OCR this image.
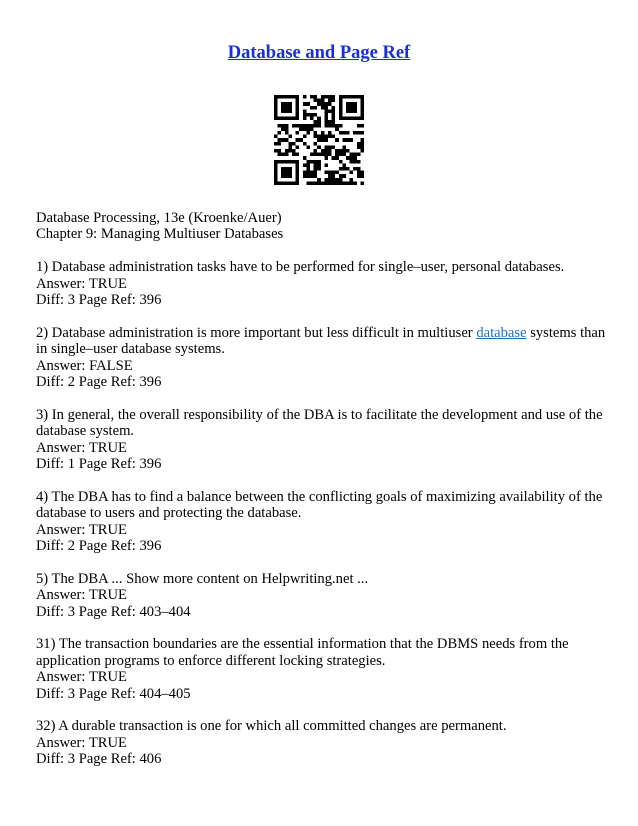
Database and Page Ref

Database Processing, 13e (Kroenke/Auer)
Chapter 9: Managing Multiuser Databases

1) Database administration tasks have to be performed for single–user, personal databases.
Answer: TRUE
Diff: 3 Page Ref: 396

2) Database administration is more important but less difficult in multiuser database systems than in single–user database systems.
Answer: FALSE
Diff: 2 Page Ref: 396

3) In general, the overall responsibility of the DBA is to facilitate the development and use of the database system.
Answer: TRUE
Diff: 1 Page Ref: 396

4) The DBA has to find a balance between the conflicting goals of maximizing availability of the database to users and protecting the database.
Answer: TRUE
Diff: 2 Page Ref: 396

5) The DBA ... Show more content on Helpwriting.net ...
Answer: TRUE
Diff: 3 Page Ref: 403–404

31) The transaction boundaries are the essential information that the DBMS needs from the application programs to enforce different locking strategies.
Answer: TRUE
Diff: 3 Page Ref: 404–405

32) A durable transaction is one for which all committed changes are permanent.
Answer: TRUE
Diff: 3 Page Ref: 406
